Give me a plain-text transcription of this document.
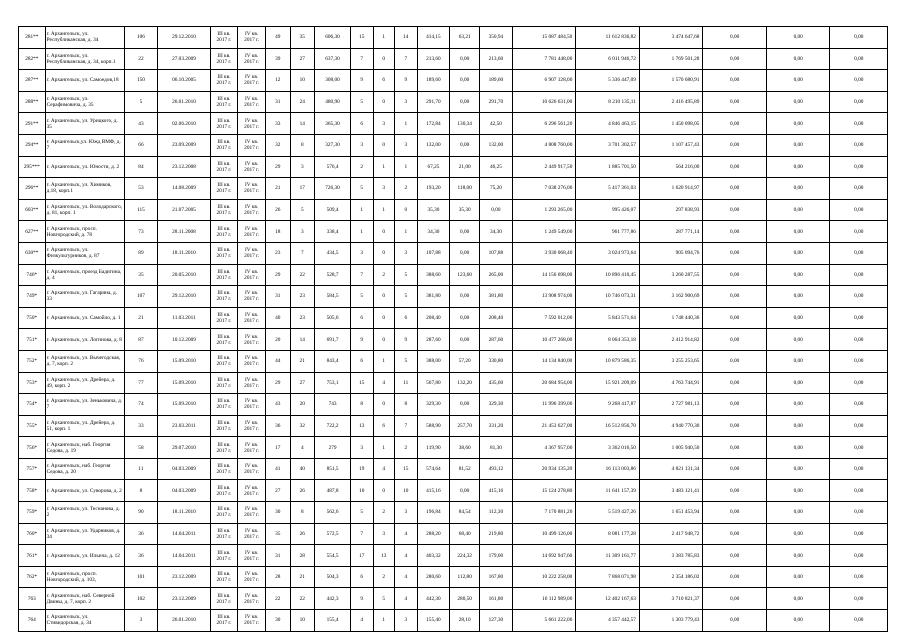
281**	г. Архангельск, ул. Республиканская, д. 34	106	29.12.2010	III кв. 2017 г.	IV кв. 2017 г.	49	35	606,30	15	1	14	414,15	63,21	350,94	15 087 484,50	11 612 836,82	3 474 647,68	0,00	0,00	0,00
282**	г. Архангельск, ул. Республиканская, д. 34, корп.1	22	27.03.2009	III кв. 2017 г.	IV кв. 2017 г.	39	27	637,30	7	0	7	213,60	0,00	213,60	7 781 448,00	6 011 946,72	1 769 501,28	0,00	0,00	0,00
287**	г. Архангельск, ул. Самоедов,18	150	06.10.2005	III кв. 2017 г.	IV кв. 2017 г.	12	10	308,00	9	6	9	189,60	0,00	189,60	6 907 128,00	5 336 447,09	1 570 680,91	0,00	0,00	0,00
288**	г. Архангельск, ул. Серафимовича, д. 35	5	26.01.2010	III кв. 2017 г.	IV кв. 2017 г.	31	24	480,90	5	0	3	291,70	0,00	291,70	10 626 631,00	8 210 135,11	2 416 495,89	0,00	0,00	0,00
291**	г. Архангельск, ул. Урицкого, д. 35	43	02.06.2010	III кв. 2017 г.	IV кв. 2017 г.	33	14	365,30	6	3	1	172,84	130,34	42,50	6 296 561,20	4 846 463,15	1 450 098,05	0,00	0,00	0,00
294**	г. Архангельск,ул. Южд ВМФ, д. 7	66	23.09.2009	III кв. 2017 г.	IV кв. 2017 г.	32	8	327,30	3	0	3	132,00	0,00	132,00	4 808 760,00	3 701 302,57	1 107 457,43	0,00	0,00	0,00
295***	г. Архангельск, ул. Юности, д. 2	84	23.12.2008	III кв. 2017 г.	IV кв. 2017 г.	29	3	576,4	2	1	1	67,25	21,00	46,25	2 449 917,50	1 885 701,50	564 216,00	0,00	0,00	0,00
296**	г. Архангельск, ул. Химиков, д.18, корп.1	53	14.08.2009	III кв. 2017 г.	IV кв. 2017 г.	21	17	726,30	5	3	2	193,20	118,00	75,20	7 038 276,00	5 417 361,03	1 620 914,97	0,00	0,00	0,00
603**	г. Архангельск, ул. Володарского, д. 81, корп. 1	115	21.07.2005	III кв. 2017 г.	IV кв. 2017 г.	26	5	509,4	1	1	0	35,30	35,30	0,00	1 293 265,00	995 426,07	297 838,93	0,00	0,00	0,00
627**	г. Архангельск, просп. Новгородский, д. 78	73	28.11.2008	III кв. 2017 г.	IV кв. 2017 г.	18	3	338,4	1	0	1	34,30	0,00	34,30	1 249 549,00	961 777,86	287 771,14	0,00	0,00	0,00
630**	г. Архангельск, ул. Физкультурников, д. 87	89	18.11.2010	III кв. 2017 г.	IV кв. 2017 г.	23	7	434,5	3	0	3	107,88	0,00	107,88	3 930 068,40	3 024 973,64	905 094,76	0,00	0,00	0,00
746*	г. Архангельск, проезд Бадигина, д. 4	35	20.05.2010	III кв. 2017 г.	IV кв. 2017 г.	29	22	528,7	7	2	5	388,60	123,60	265,00	14 156 698,00	10 896 410,45	3 260 287,55	0,00	0,00	0,00
749*	г. Архангельск, ул. Гагарина, д. 33	107	29.12.2010	III кв. 2017 г.	IV кв. 2017 г.	31	23	584,5	5	0	5	381,80	0,00	381,80	13 908 974,00	10 746 073,31	3 162 900,69	0,00	0,00	0,00
750*	г. Архангельск, ул. Самойло, д. 1	21	11.03.2011	III кв. 2017 г.	IV кв. 2017 г.	40	23	505,6	6	0	6	208,40	0,00	208,40	7 592 012,00	5 843 571,64	1 748 440,36	0,00	0,00	0,00
751*	г. Архангельск, ул. Логинова, д. 8	87	10.12.2009	III кв. 2017 г.	IV кв. 2017 г.	20	14	691,7	9	0	9	287,60	0,00	287,60	10 477 268,00	8 064 353,18	2 412 914,82	0,00	0,00	0,00
752*	г. Архангельск, ул. Вычегодская, д. 7, корп. 2	76	15.09.2010	III кв. 2017 г.	IV кв. 2017 г.	44	21	843,4	6	1	5	388,00	57,20	330,80	14 134 840,00	10 879 586,35	3 255 253,65	0,00	0,00	0,00
753*	г. Архангельск, ул. Дрейера, д. 49, корп. 2	77	15.09.2010	III кв. 2017 г.	IV кв. 2017 г.	29	27	753,1	15	4	11	567,80	132,20	435,60	20 684 954,00	15 921 209,09	4 763 744,91	0,00	0,00	0,00
754*	г. Архангельск, ул. Зеньковича, д. 7	74	15.09.2010	III кв. 2017 г.	IV кв. 2017 г.	43	20	743	8	0	8	329,30	0,00	329,30	11 996 399,00	9 268 417,87	2 727 981,13	0,00	0,00	0,00
755*	г. Архангельск, ул. Дрейера, д. 51, корп. 1	33	23.03.2011	III кв. 2017 г.	IV кв. 2017 г.	36	32	722,2	13	6	7	588,90	257,70	331,20	21 453 627,00	16 512 856,70	4 940 770,30	0,00	0,00	0,00
756*	г. Архангельск, наб. Георгия Седова, д. 19	58	29.07.2010	III кв. 2017 г.	IV кв. 2017 г.	17	4	279	3	1	2	119,90	38,60	81,30	4 367 957,00	3 362 016,50	1 005 940,50	0,00	0,00	0,00
757*	г. Архангельск, наб. Георгия Седова, д. 20	11	04.03.2009	III кв. 2017 г.	IV кв. 2017 г.	41	40	851,5	19	4	15	574,64	81,52	493,12	20 934 135,20	16 113 003,86	4 821 131,34	0,00	0,00	0,00
758*	г. Архангельск, ул. Суворова, д. 2	8	04.03.2009	III кв. 2017 г.	IV кв. 2017 г.	27	26	487,8	10	0	10	415,16	0,00	415,16	15 124 278,80	11 641 157,39	3 483 121,41	0,00	0,00	0,00
759*	г. Архангельск, ул. Теснанова, д. 2	90	18.11.2010	III кв. 2017 г.	IV кв. 2017 г.	30	8	562,6	5	2	3	196,84	84,54	112,30	7 170 881,20	5 519 427,26	1 651 453,94	0,00	0,00	0,00
760*	г. Архангельск, ул. Ударников, д. 34	36	14.04.2011	III кв. 2017 г.	IV кв. 2017 г.	35	26	572,5	7	3	4	288,20	68,40	219,80	10 499 126,00	8 081 177,28	2 417 948,72	0,00	0,00	0,00
761*	г. Архангельск, ул. Ильича, д. 12	36	14.04.2011	III кв. 2017 г.	IV кв. 2017 г.	31	28	554,5	17	13	4	403,32	224,32	179,00	14 692 947,60	11 309 161,77	3 383 785,83	0,00	0,00	0,00
762*	г. Архангельск, просп. Новгородский, д. 103,	101	23.12.2009	III кв. 2017 г.	IV кв. 2017 г.	28	21	504,3	6	2	4	280,60	112,80	167,80	10 222 258,00	7 868 071,98	2 354 186,02	0,00	0,00	0,00
763	г. Архангельск, наб. Северной Двины, д. 7, корп. 2	102	23.12.2009	III кв. 2017 г.	IV кв. 2017 г.	22	22	442,3	9	5	4	442,30	280,50	161,80	16 112 989,00	12 402 167,63	3 710 821,37	0,00	0,00	0,00
764	г. Архангельск, ул. Стивидорская, д. 34	3	26.01.2010	III кв. 2017 г.	IV кв. 2017 г.	30	10	155,4	4	1	3	155,40	28,10	127,30	5 661 222,00	4 357 442,57	1 303 779,43	0,00	0,00	0,00
